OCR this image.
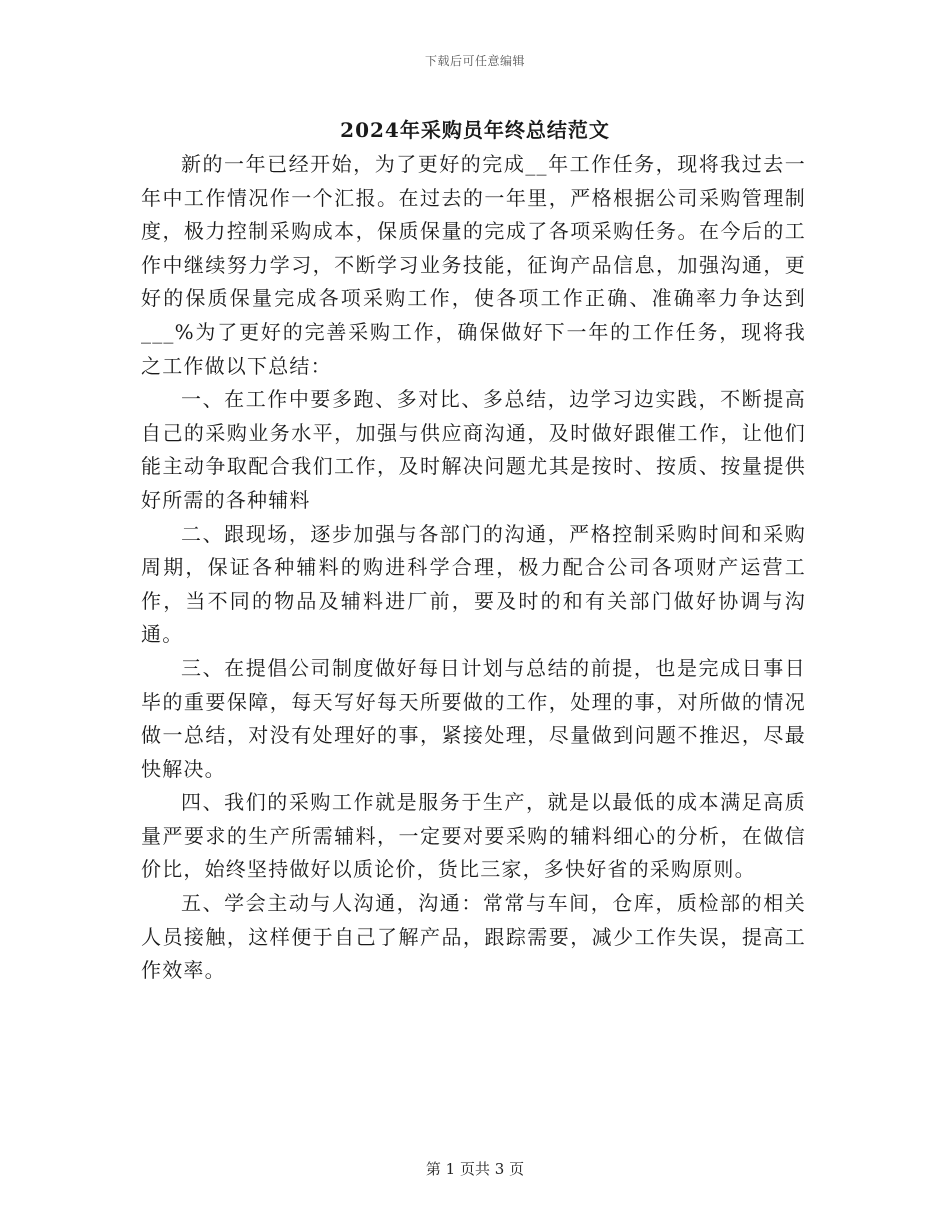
下载后可任意编辑
2024年采购员年终总结范文

新的一年已经开始，为了更好的完成__年工作任务，现将我过去一年中工作情况作一个汇报。在过去的一年里，严格根据公司采购管理制度，极力控制采购成本，保质保量的完成了各项采购任务。在今后的工作中继续努力学习，不断学习业务技能，征询产品信息，加强沟通，更好的保质保量完成各项采购工作，使各项工作正确、准确率力争达到___%为了更好的完善采购工作，确保做好下一年的工作任务，现将我之工作做以下总结：

一、在工作中要多跑、多对比、多总结，边学习边实践，不断提高自己的采购业务水平，加强与供应商沟通，及时做好跟催工作，让他们能主动争取配合我们工作，及时解决问题尤其是按时、按质、按量提供好所需的各种辅料

二、跟现场，逐步加强与各部门的沟通，严格控制采购时间和采购周期，保证各种辅料的购进科学合理，极力配合公司各项财产运营工作，当不同的物品及辅料进厂前，要及时的和有关部门做好协调与沟通。

三、在提倡公司制度做好每日计划与总结的前提，也是完成日事日毕的重要保障，每天写好每天所要做的工作，处理的事，对所做的情况做一总结，对没有处理好的事，紧接处理，尽量做到问题不推迟，尽最快解决。

四、我们的采购工作就是服务于生产，就是以最低的成本满足高质量严要求的生产所需辅料，一定要对要采购的辅料细心的分析，在做信价比，始终坚持做好以质论价，货比三家，多快好省的采购原则。

五、学会主动与人沟通，沟通：常常与车间，仓库，质检部的相关人员接触，这样便于自己了解产品，跟踪需要，减少工作失误，提高工作效率。

第 1 页共 3 页
